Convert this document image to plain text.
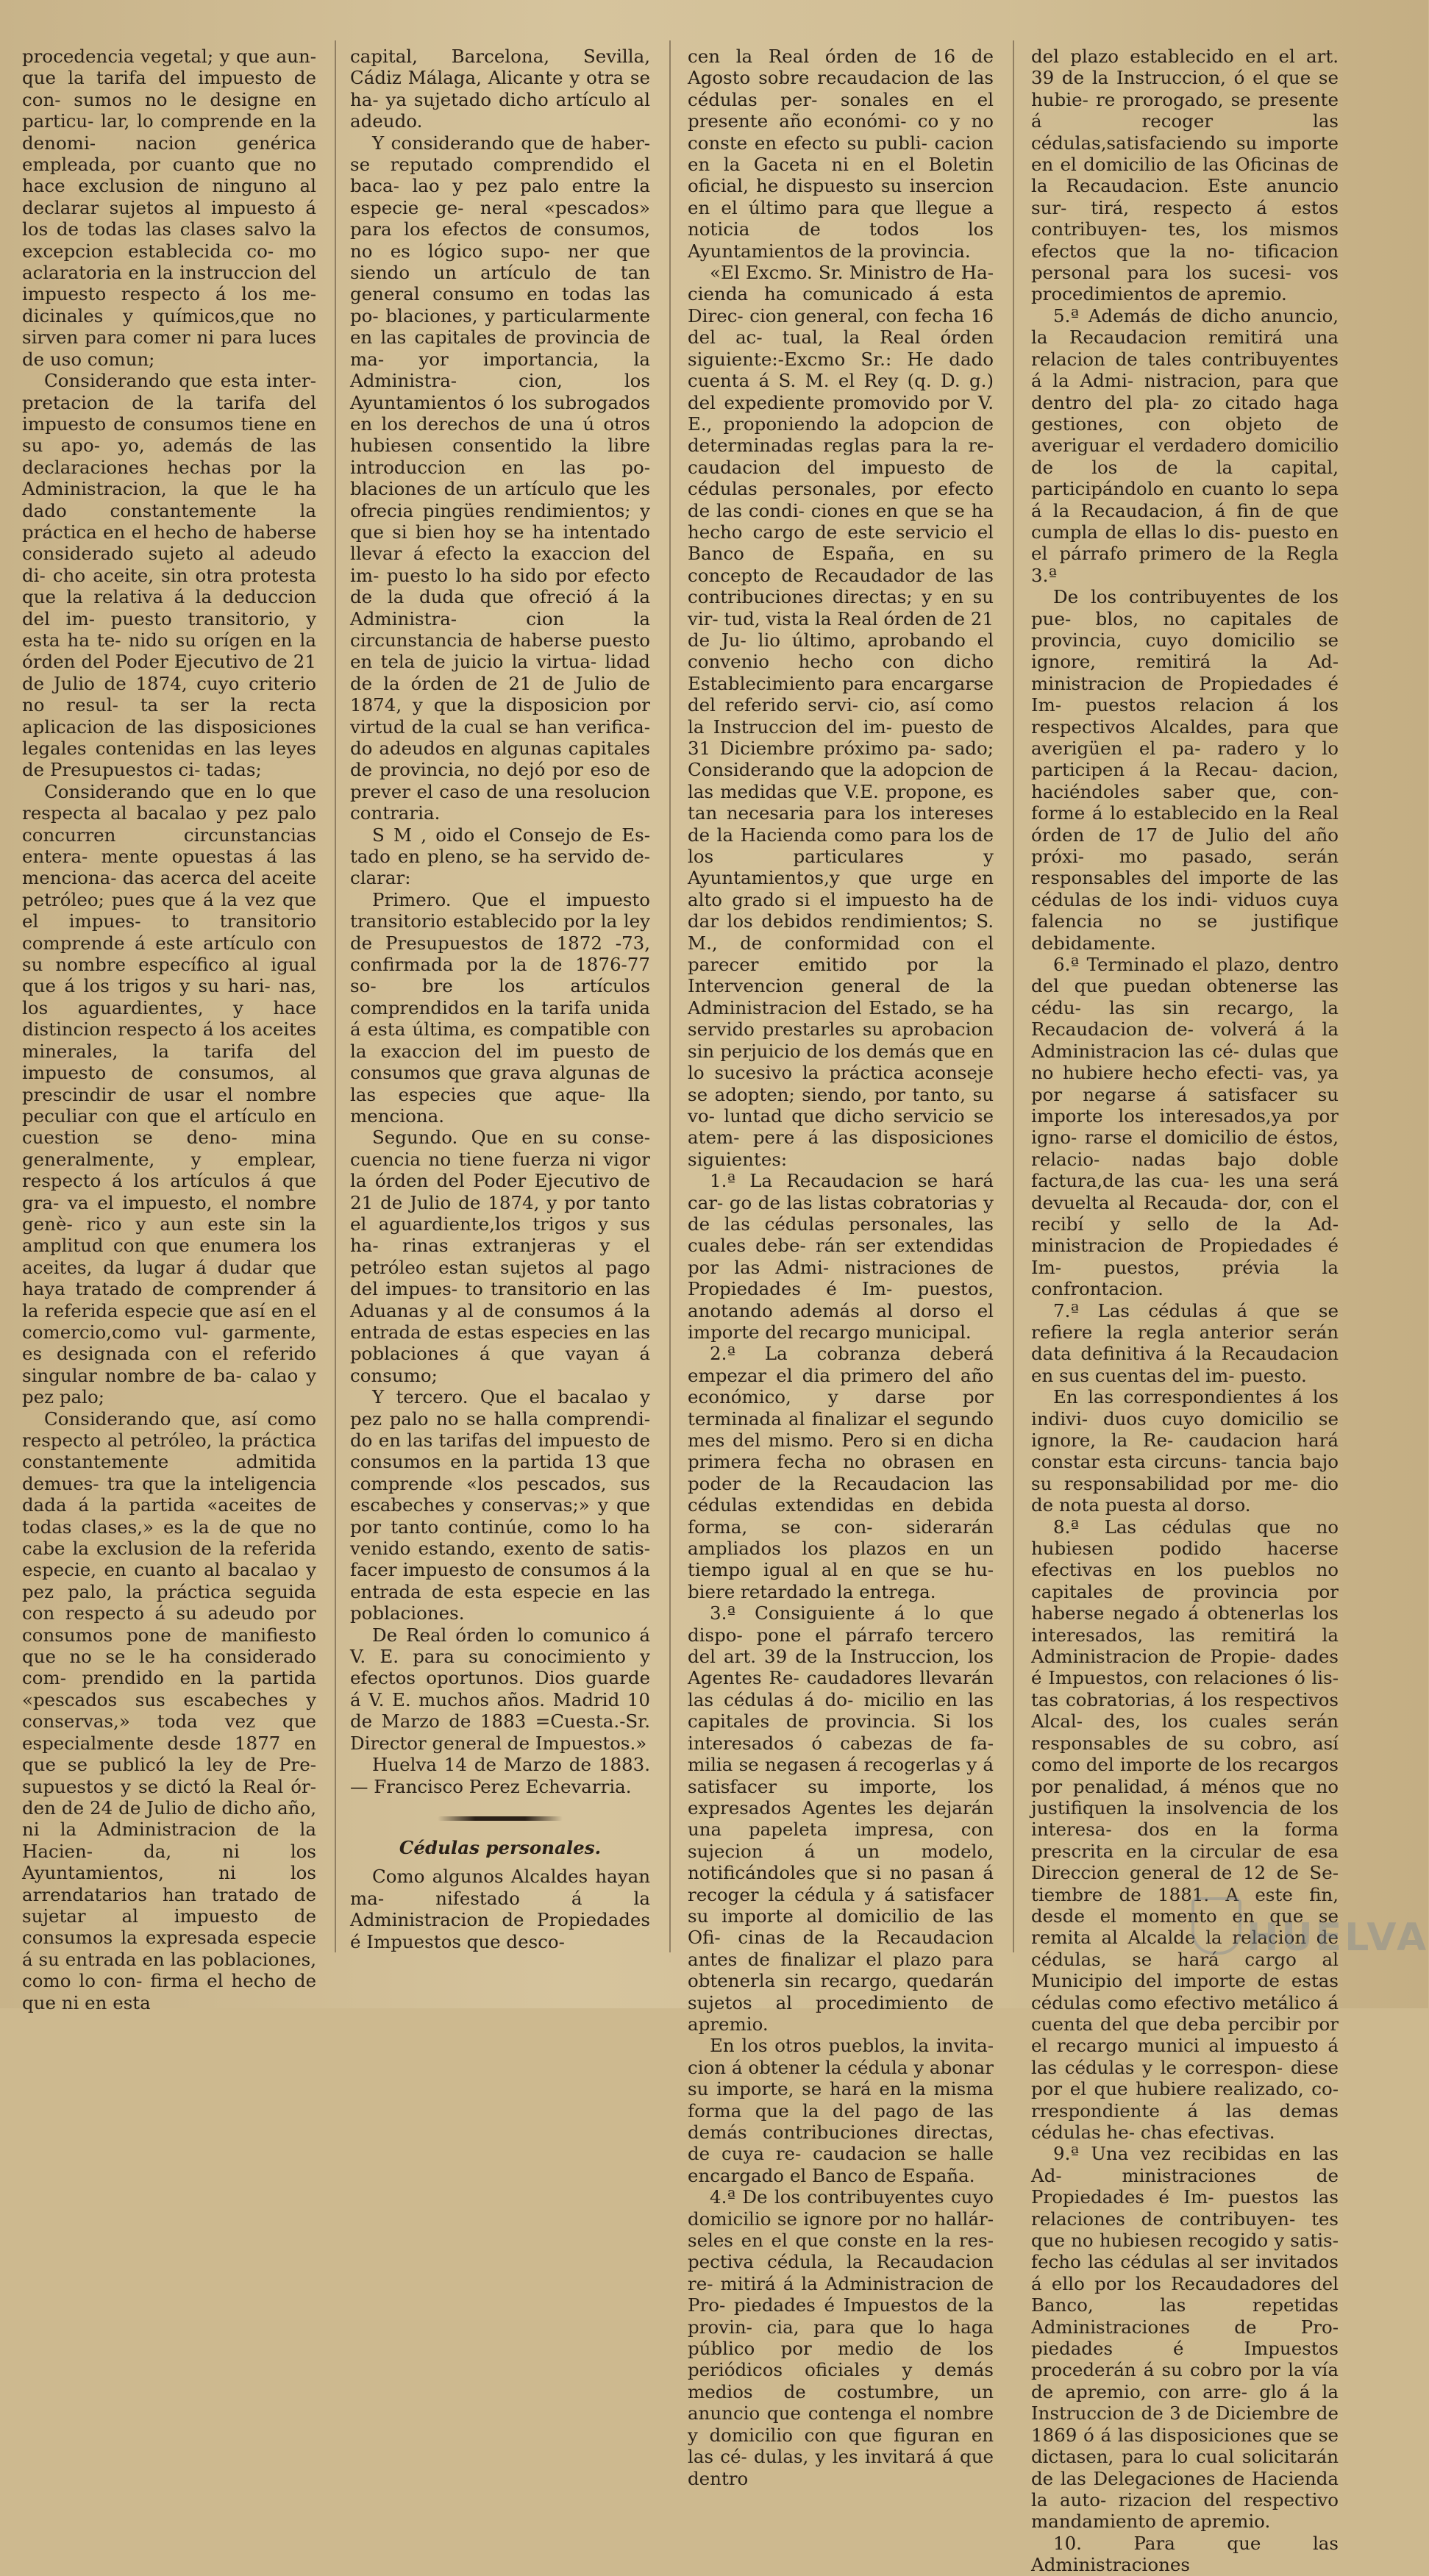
procedencia vegetal; y que aun- que la tarifa del impuesto de con- sumos no le designe en particu- lar, lo comprende en la denomi- nacion genérica empleada, por cuanto que no hace exclusion de ninguno al declarar sujetos al impuesto á los de todas las clases salvo la excepcion establecida co- mo aclaratoria en la instruccion del impuesto respecto á los me- dicinales y químicos,que no sirven para comer ni para luces de uso comun;

Considerando que esta inter- pretacion de la tarifa del impuesto de consumos tiene en su apo- yo, además de las declaraciones hechas por la Administracion, la que le ha dado constantemente la práctica en el hecho de haberse considerado sujeto al adeudo di- cho aceite, sin otra protesta que la relativa á la deduccion del im- puesto transitorio, y esta ha te- nido su orígen en la órden del Poder Ejecutivo de 21 de Julio de 1874, cuyo criterio no resul- ta ser la recta aplicacion de las disposiciones legales contenidas en las leyes de Presupuestos ci- tadas;

Considerando que en lo que respecta al bacalao y pez palo concurren circunstancias entera- mente opuestas á las menciona- das acerca del aceite petróleo; pues que á la vez que el impues- to transitorio comprende á este artículo con su nombre específico al igual que á los trigos y su hari- nas, los aguardientes, y hace distincion respecto á los aceites minerales, la tarifa del impuesto de consumos, al prescindir de usar el nombre peculiar con que el artículo en cuestion se deno- mina generalmente, y emplear, respecto á los artículos á que gra- va el impuesto, el nombre genè- rico y aun este sin la amplitud con que enumera los aceites, da lugar á dudar que haya tratado de comprender á la referida especie que así en el comercio,como vul- garmente, es designada con el referido singular nombre de ba- calao y pez palo;

Considerando que, así como respecto al petróleo, la práctica constantemente admitida demues- tra que la inteligencia dada á la partida «aceites de todas clases,» es la de que no cabe la exclusion de la referida especie, en cuanto al bacalao y pez palo, la práctica seguida con respecto á su adeudo por consumos pone de manifiesto que no se le ha considerado com- prendido en la partida «pescados sus escabeches y conservas,» toda vez que especialmente desde 1877 en que se publicó la ley de Pre- supuestos y se dictó la Real ór- den de 24 de Julio de dicho año, ni la Administracion de la Hacien- da, ni los Ayuntamientos, ni los arrendatarios han tratado de sujetar al impuesto de consumos la expresada especie á su entrada en las poblaciones, como lo con- firma el hecho de que ni en esta

capital, Barcelona, Sevilla, Cádiz Málaga, Alicante y otra se ha- ya sujetado dicho artículo al adeudo.

Y considerando que de haber- se reputado comprendido el baca- lao y pez palo entre la especie ge- neral «pescados» para los efectos de consumos, no es lógico supo- ner que siendo un artículo de tan general consumo en todas las po- blaciones, y particularmente en las capitales de provincia de ma- yor importancia, la Administra- cion, los Ayuntamientos ó los subrogados en los derechos de una ú otros hubiesen consentido la libre introduccion en las po- blaciones de un artículo que les ofrecia pingües rendimientos; y que si bien hoy se ha intentado llevar á efecto la exaccion del im- puesto lo ha sido por efecto de la duda que ofreció á la Administra- cion la circunstancia de haberse puesto en tela de juicio la virtua- lidad de la órden de 21 de Julio de 1874, y que la disposicion por virtud de la cual se han verifica- do adeudos en algunas capitales de provincia, no dejó por eso de prever el caso de una resolucion contraria.

S M , oido el Consejo de Es- tado en pleno, se ha servido de- clarar:

Primero. Que el impuesto transitorio establecido por la ley de Presupuestos de 1872 -73, confirmada por la de 1876-77 so- bre los artículos comprendidos en la tarifa unida á esta última, es compatible con la exaccion del im puesto de consumos que grava algunas de las especies que aque- lla menciona.

Segundo. Que en su conse- cuencia no tiene fuerza ni vigor la órden del Poder Ejecutivo de 21 de Julio de 1874, y por tanto el aguardiente,los trigos y sus ha- rinas extranjeras y el petróleo estan sujetos al pago del impues- to transitorio en las Aduanas y al de consumos á la entrada de estas especies en las poblaciones á que vayan á consumo;

Y tercero. Que el bacalao y pez palo no se halla comprendi- do en las tarifas del impuesto de consumos en la partida 13 que comprende «los pescados, sus escabeches y conservas;» y que por tanto continúe, como lo ha venido estando, exento de satis- facer impuesto de consumos á la entrada de esta especie en las poblaciones.

De Real órden lo comunico á V. E. para su conocimiento y efectos oportunos. Dios guarde á V. E. muchos años. Madrid 10 de Marzo de 1883 =Cuesta.-Sr. Director general de Impuestos.»

Huelva 14 de Marzo de 1883.— Francisco Perez Echevarria.

Cédulas personales.

Como algunos Alcaldes hayan ma- nifestado á la Administracion de Propiedades é Impuestos que desco-

cen la Real órden de 16 de Agosto sobre recaudacion de las cédulas per- sonales en el presente año económi- co y no conste en efecto su publi- cacion en la Gaceta ni en el Boletin oficial, he dispuesto su insercion en el último para que llegue a noticia de todos los Ayuntamientos de la provincia.

«El Excmo. Sr. Ministro de Ha- cienda ha comunicado á esta Direc- cion general, con fecha 16 del ac- tual, la Real órden siguiente:-Excmo Sr.: He dado cuenta á S. M. el Rey (q. D. g.) del expediente promovido por V. E., proponiendo la adopcion de determinadas reglas para la re- caudacion del impuesto de cédulas personales, por efecto de las condi- ciones en que se ha hecho cargo de este servicio el Banco de España, en su concepto de Recaudador de las contribuciones directas; y en su vir- tud, vista la Real órden de 21 de Ju- lio último, aprobando el convenio hecho con dicho Establecimiento para encargarse del referido servi- cio, así como la Instruccion del im- puesto de 31 Diciembre próximo pa- sado; Considerando que la adopcion de las medidas que V.E. propone, es tan necesaria para los intereses de la Hacienda como para los de los particulares y Ayuntamientos,y que urge en alto grado si el impuesto ha de dar los debidos rendimientos; S. M., de conformidad con el parecer emitido por la Intervencion general de la Administracion del Estado, se ha servido prestarles su aprobacion sin perjuicio de los demás que en lo sucesivo la práctica aconseje se adopten; siendo, por tanto, su vo- luntad que dicho servicio se atem- pere á las disposiciones siguientes:

1.ª La Recaudacion se hará car- go de las listas cobratorias y de las cédulas personales, las cuales debe- rán ser extendidas por las Admi- nistraciones de Propiedades é Im- puestos, anotando además al dorso el importe del recargo municipal.

2.ª La cobranza deberá empezar el dia primero del año económico, y darse por terminada al finalizar el segundo mes del mismo. Pero si en dicha primera fecha no obrasen en poder de la Recaudacion las cédulas extendidas en debida forma, se con- siderarán ampliados los plazos en un tiempo igual al en que se hu- biere retardado la entrega.

3.ª Consiguiente á lo que dispo- pone el párrafo tercero del art. 39 de la Instruccion, los Agentes Re- caudadores llevarán las cédulas á do- micilio en las capitales de provincia. Si los interesados ó cabezas de fa- milia se negasen á recogerlas y á satisfacer su importe, los expresados Agentes les dejarán una papeleta impresa, con sujecion á un modelo, notificándoles que si no pasan á recoger la cédula y á satisfacer su importe al domicilio de las Ofi- cinas de la Recaudacion antes de finalizar el plazo para obtenerla sin recargo, quedarán sujetos al procedimiento de apremio.

En los otros pueblos, la invita- cion á obtener la cédula y abonar su importe, se hará en la misma forma que la del pago de las demás contribuciones directas, de cuya re- caudacion se halle encargado el Banco de España.

4.ª De los contribuyentes cuyo domicilio se ignore por no hallár- seles en el que conste en la res- pectiva cédula, la Recaudacion re- mitirá á la Administracion de Pro- piedades é Impuestos de la provin- cia, para que lo haga público por medio de los periódicos oficiales y demás medios de costumbre, un anuncio que contenga el nombre y domicilio con que figuran en las cé- dulas, y les invitará á que dentro

del plazo establecido en el art. 39 de la Instruccion, ó el que se hubie- re prorogado, se presente á recoger las cédulas,satisfaciendo su importe en el domicilio de las Oficinas de la Recaudacion. Este anuncio sur- tirá, respecto á estos contribuyen- tes, los mismos efectos que la no- tificacion personal para los sucesi- vos procedimientos de apremio.

5.ª Además de dicho anuncio, la Recaudacion remitirá una relacion de tales contribuyentes á la Admi- nistracion, para que dentro del pla- zo citado haga gestiones, con objeto de averiguar el verdadero domicilio de los de la capital, participándolo en cuanto lo sepa á la Recaudacion, á fin de que cumpla de ellas lo dis- puesto en el párrafo primero de la Regla 3.ª

De los contribuyentes de los pue- blos, no capitales de provincia, cuyo domicilio se ignore, remitirá la Ad- ministracion de Propiedades é Im- puestos relacion á los respectivos Alcaldes, para que averigüen el pa- radero y lo participen á la Recau- dacion, haciéndoles saber que, con- forme á lo establecido en la Real órden de 17 de Julio del año próxi- mo pasado, serán responsables del importe de las cédulas de los indi- viduos cuya falencia no se justifique debidamente.

6.ª Terminado el plazo, dentro del que puedan obtenerse las cédu- las sin recargo, la Recaudacion de- volverá á la Administracion las cé- dulas que no hubiere hecho efecti- vas, ya por negarse á satisfacer su importe los interesados,ya por igno- rarse el domicilio de éstos, relacio- nadas bajo doble factura,de las cua- les una será devuelta al Recauda- dor, con el recibí y sello de la Ad- ministracion de Propiedades é Im- puestos, prévia la confrontacion.

7.ª Las cédulas á que se refiere la regla anterior serán data definitiva á la Recaudacion en sus cuentas del im- puesto.

En las correspondientes á los indivi- duos cuyo domicilio se ignore, la Re- caudacion hará constar esta circuns- tancia bajo su responsabilidad por me- dio de nota puesta al dorso.

8.ª Las cédulas que no hubiesen podido hacerse efectivas en los pueblos no capitales de provincia por haberse negado á obtenerlas los interesados, las remitirá la Administracion de Propie- dades é Impuestos, con relaciones ó lis- tas cobratorias, á los respectivos Alcal- des, los cuales serán responsables de su cobro, así como del importe de los recargos por penalidad, á ménos que no justifiquen la insolvencia de los interesa- dos en la forma prescrita en la circular de esa Direccion general de 12 de Se- tiembre de 1881. A este fin, desde el momento en que se remita al Alcalde la relacion de cédulas, se hará cargo al Municipio del importe de estas cédulas como efectivo metálico á cuenta del que deba percibir por el recargo munici al impuesto á las cédulas y le correspon- diese por el que hubiere realizado, co- rrespondiente á las demas cédulas he- chas efectivas.

9.ª Una vez recibidas en las Ad- ministraciones de Propiedades é Im- puestos las relaciones de contribuyen- tes que no hubiesen recogido y satis- fecho las cédulas al ser invitados á ello por los Recaudadores del Banco, las repetidas Administraciones de Pro- piedades é Impuestos procederán á su cobro por la vía de apremio, con arre- glo á la Instruccion de 3 de Diciembre de 1869 ó á las disposiciones que se dictasen, para lo cual solicitarán de las Delegaciones de Hacienda la auto- rizacion del respectivo mandamiento de apremio.

10. Para que las Administraciones

HUELVA
